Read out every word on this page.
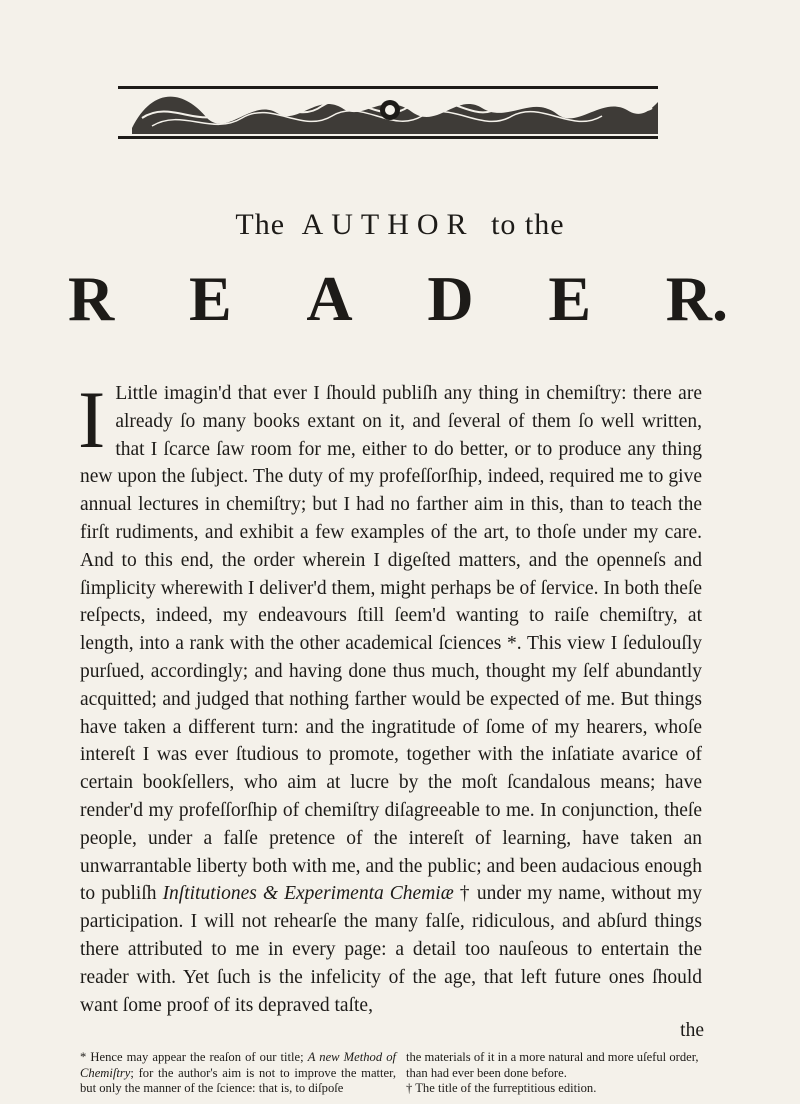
The AUTHOR to the
R E A D E R.

I Little imagin'd that ever I ſhould publiſh any thing in chemiſtry: there are already ſo many books extant on it, and ſeveral of them ſo well written, that I ſcarce ſaw room for me, either to do better, or to produce any thing new upon the ſubject. The duty of my profeſſorſhip, indeed, required me to give annual lectures in chemiſtry; but I had no farther aim in this, than to teach the firſt rudiments, and exhibit a few examples of the art, to thoſe under my care. And to this end, the order wherein I digeſted matters, and the openneſs and ſimplicity wherewith I deliver'd them, might perhaps be of ſervice. In both theſe reſpects, indeed, my endeavours ſtill ſeem'd wanting to raiſe chemiſtry, at length, into a rank with the other academical ſciences *. This view I ſedulouſly purſued, accordingly; and having done thus much, thought my ſelf abundantly acquitted; and judged that nothing farther would be expected of me. But things have taken a different turn: and the ingratitude of ſome of my hearers, whoſe intereſt I was ever ſtudious to promote, together with the inſatiate avarice of certain bookſellers, who aim at lucre by the moſt ſcandalous means; have render'd my profeſſorſhip of chemiſtry diſagreeable to me. In conjunction, theſe people, under a falſe pretence of the intereſt of learning, have taken an unwarrantable liberty both with me, and the public; and been audacious enough to publiſh Inſtitutiones & Experimenta Chemiæ † under my name, without my participation. I will not rehearſe the many falſe, ridiculous, and abſurd things there attributed to me in every page: a detail too nauſeous to entertain the reader with. Yet ſuch is the infelicity of the age, that left future ones ſhould want ſome proof of its depraved taſte,

the
* Hence may appear the reaſon of our title; A new Method of Chemiſtry; for the author's aim is not to improve the matter, but only the manner of the ſcience: that is, to diſpoſe
the materials of it in a more natural and more uſeful order, than had ever been done before.
† The title of the furreptitious edition.
